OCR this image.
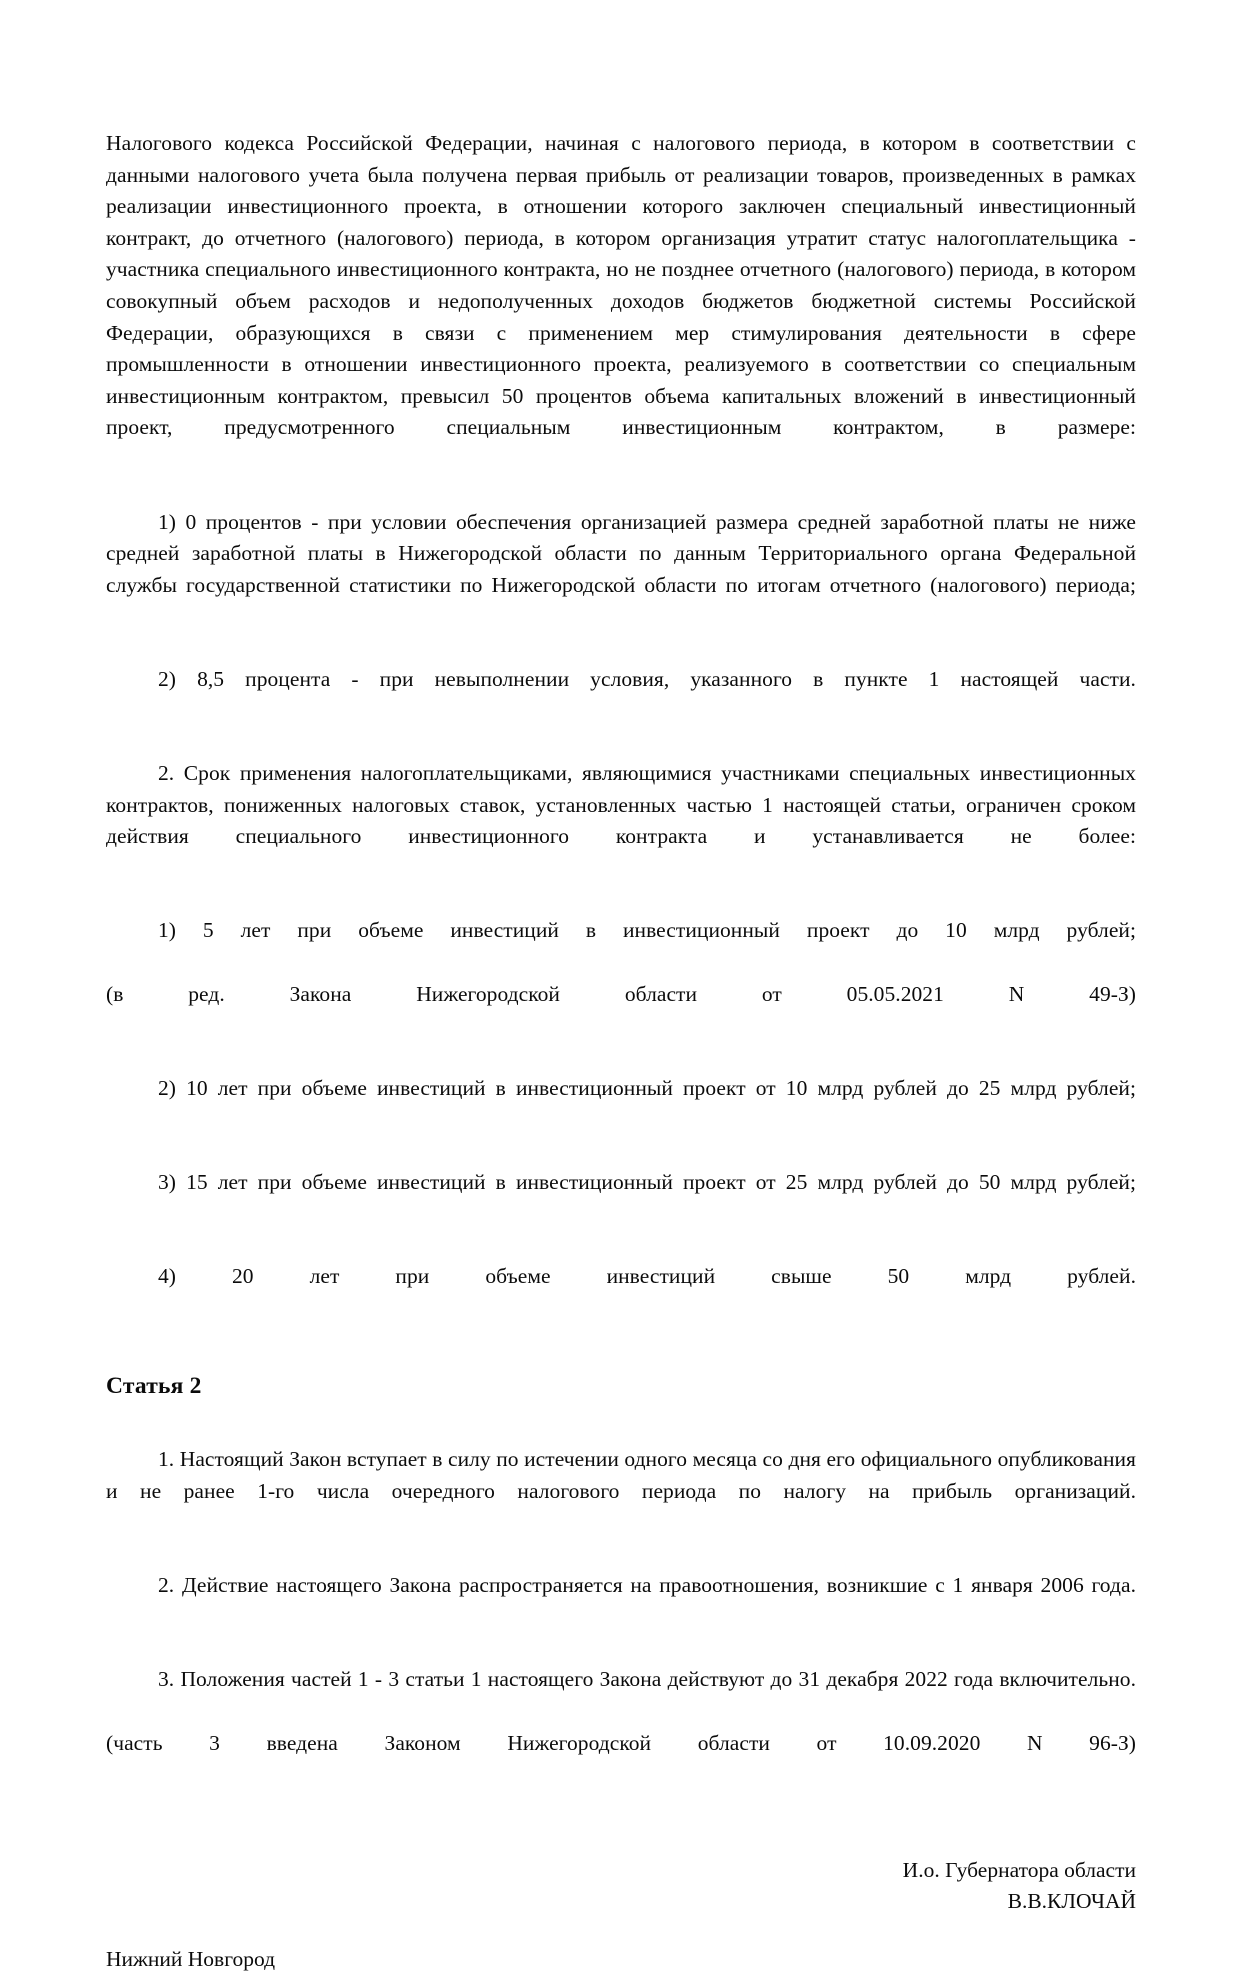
Налогового кодекса Российской Федерации, начиная с налогового периода, в котором в соответствии с данными налогового учета была получена первая прибыль от реализации товаров, произведенных в рамках реализации инвестиционного проекта, в отношении которого заключен специальный инвестиционный контракт, до отчетного (налогового) периода, в котором организация утратит статус налогоплательщика - участника специального инвестиционного контракта, но не позднее отчетного (налогового) периода, в котором совокупный объем расходов и недополученных доходов бюджетов бюджетной системы Российской Федерации, образующихся в связи с применением мер стимулирования деятельности в сфере промышленности в отношении инвестиционного проекта, реализуемого в соответствии со специальным инвестиционным контрактом, превысил 50 процентов объема капитальных вложений в инвестиционный проект, предусмотренного специальным инвестиционным контрактом, в размере:

1) 0 процентов - при условии обеспечения организацией размера средней заработной платы не ниже средней заработной платы в Нижегородской области по данным Территориального органа Федеральной службы государственной статистики по Нижегородской области по итогам отчетного (налогового) периода;

2) 8,5 процента - при невыполнении условия, указанного в пункте 1 настоящей части.

2. Срок применения налогоплательщиками, являющимися участниками специальных инвестиционных контрактов, пониженных налоговых ставок, установленных частью 1 настоящей статьи, ограничен сроком действия специального инвестиционного контракта и устанавливается не более:

1) 5 лет при объеме инвестиций в инвестиционный проект до 10 млрд рублей;

(в ред. Закона Нижегородской области от 05.05.2021 N 49-З)

2) 10 лет при объеме инвестиций в инвестиционный проект от 10 млрд рублей до 25 млрд рублей;

3) 15 лет при объеме инвестиций в инвестиционный проект от 25 млрд рублей до 50 млрд рублей;

4) 20 лет при объеме инвестиций свыше 50 млрд рублей.

Статья 2

1. Настоящий Закон вступает в силу по истечении одного месяца со дня его официального опубликования и не ранее 1-го числа очередного налогового периода по налогу на прибыль организаций.

2. Действие настоящего Закона распространяется на правоотношения, возникшие с 1 января 2006 года.

3. Положения частей 1 - 3 статьи 1 настоящего Закона действуют до 31 декабря 2022 года включительно.

(часть 3 введена Законом Нижегородской области от 10.09.2020 N 96-З)

И.о. Губернатора области
В.В.КЛОЧАЙ
Нижний Новгород
